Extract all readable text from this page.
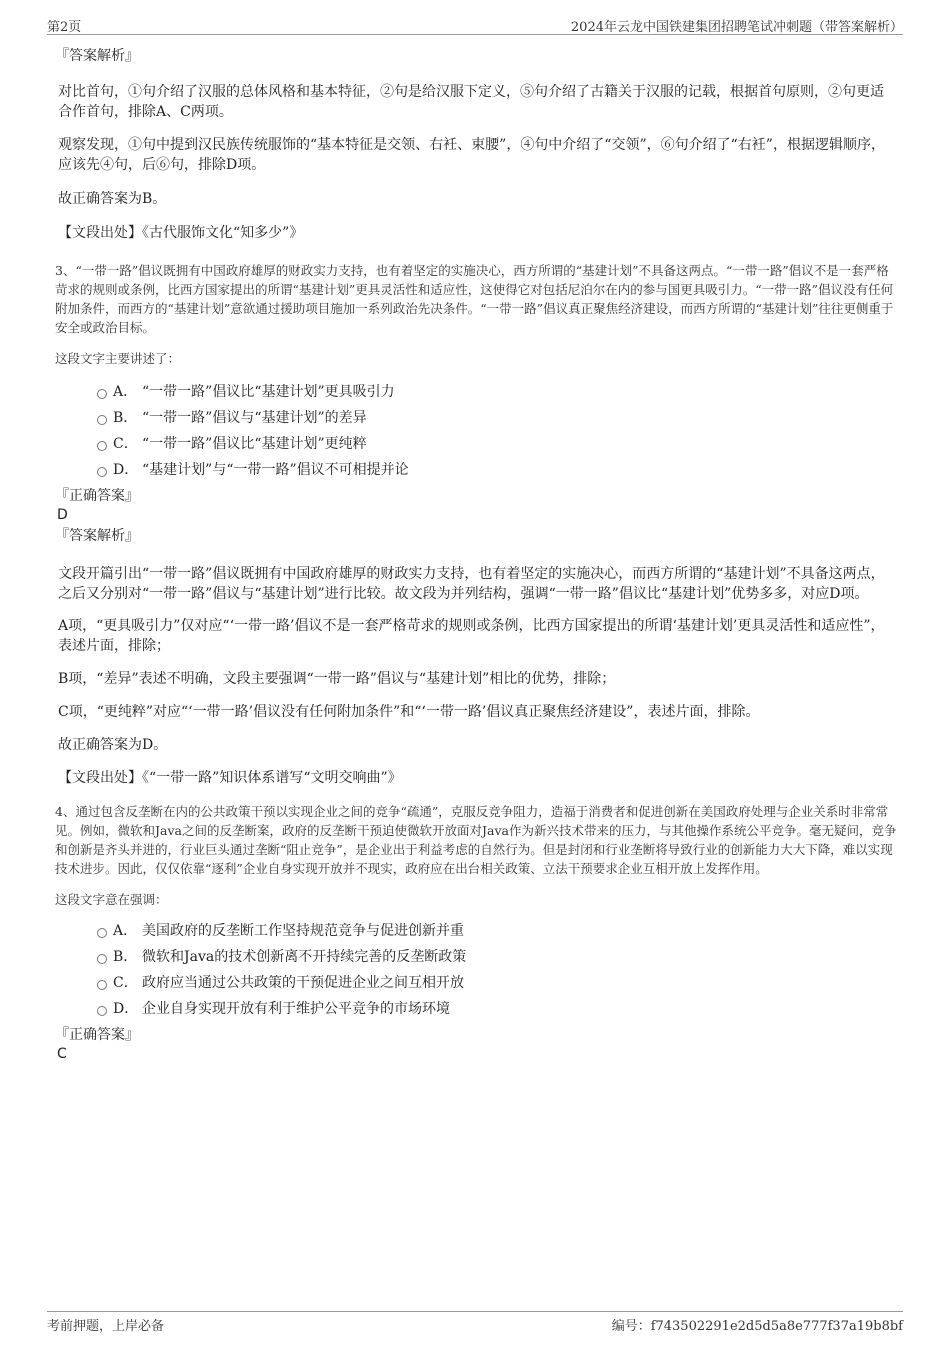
第2页	2024年云龙中国铁建集团招聘笔试冲刺题（带答案解析）

『答案解析』

对比首句，①句介绍了汉服的总体风格和基本特征，②句是给汉服下定义，⑤句介绍了古籍关于汉服的记载，根据首句原则，②句更适合作首句，排除A、C两项。

观察发现，①句中提到汉民族传统服饰的“基本特征是交领、右衽、束腰”，④句中介绍了“交领”，⑥句介绍了“右衽”，根据逻辑顺序，应该先④句，后⑥句，排除D项。

故正确答案为B。

【文段出处】《古代服饰文化“知多少”》

3、“一带一路”倡议既拥有中国政府雄厚的财政实力支持，也有着坚定的实施决心，西方所谓的“基建计划”不具备这两点。“一带一路”倡议不是一套严格苛求的规则或条例，比西方国家提出的所谓“基建计划”更具灵活性和适应性，这使得它对包括尼泊尔在内的参与国更具吸引力。“一带一路”倡议没有任何附加条件，而西方的“基建计划”意欲通过援助项目施加一系列政治先决条件。“一带一路”倡议真正聚焦经济建设，而西方所谓的“基建计划”往往更侧重于安全或政治目标。

这段文字主要讲述了：

A． “一带一路”倡议比“基建计划”更具吸引力
B． “一带一路”倡议与“基建计划”的差异
C． “一带一路”倡议比“基建计划”更纯粹
D． “基建计划”与“一带一路”倡议不可相提并论

『正确答案』

D

『答案解析』

文段开篇引出“一带一路”倡议既拥有中国政府雄厚的财政实力支持，也有着坚定的实施决心，而西方所谓的“基建计划”不具备这两点，之后又分别对“一带一路”倡议与“基建计划”进行比较。故文段为并列结构，强调“一带一路”倡议比“基建计划”优势多多，对应D项。

A项，“更具吸引力”仅对应“‘一带一路’倡议不是一套严格苛求的规则或条例，比西方国家提出的所谓‘基建计划’更具灵活性和适应性”，表述片面，排除；

B项，“差异”表述不明确，文段主要强调“一带一路”倡议与“基建计划”相比的优势，排除；

C项，“更纯粹”对应“‘一带一路’倡议没有任何附加条件”和“‘一带一路’倡议真正聚焦经济建设”，表述片面，排除。

故正确答案为D。

【文段出处】《“一带一路”知识体系谱写“文明交响曲”》

4、通过包含反垄断在内的公共政策干预以实现企业之间的竞争“疏通”，克服反竞争阻力，造福于消费者和促进创新在美国政府处理与企业关系时非常常见。例如，微软和Java之间的反垄断案，政府的反垄断干预迫使微软开放面对Java作为新兴技术带来的压力，与其他操作系统公平竞争。毫无疑问，竞争和创新是齐头并进的，行业巨头通过垄断“阻止竞争”，是企业出于利益考虑的自然行为。但是封闭和行业垄断将导致行业的创新能力大大下降，难以实现技术进步。因此，仅仅依靠“逐利”企业自身实现开放并不现实，政府应在出台相关政策、立法干预要求企业互相开放上发挥作用。

这段文字意在强调：

A． 美国政府的反垄断工作坚持规范竞争与促进创新并重
B． 微软和Java的技术创新离不开持续完善的反垄断政策
C． 政府应当通过公共政策的干预促进企业之间互相开放
D． 企业自身实现开放有利于维护公平竞争的市场环境

『正确答案』

C

考前押题，上岸必备	编号：f743502291e2d5d5a8e777f37a19b8bf
